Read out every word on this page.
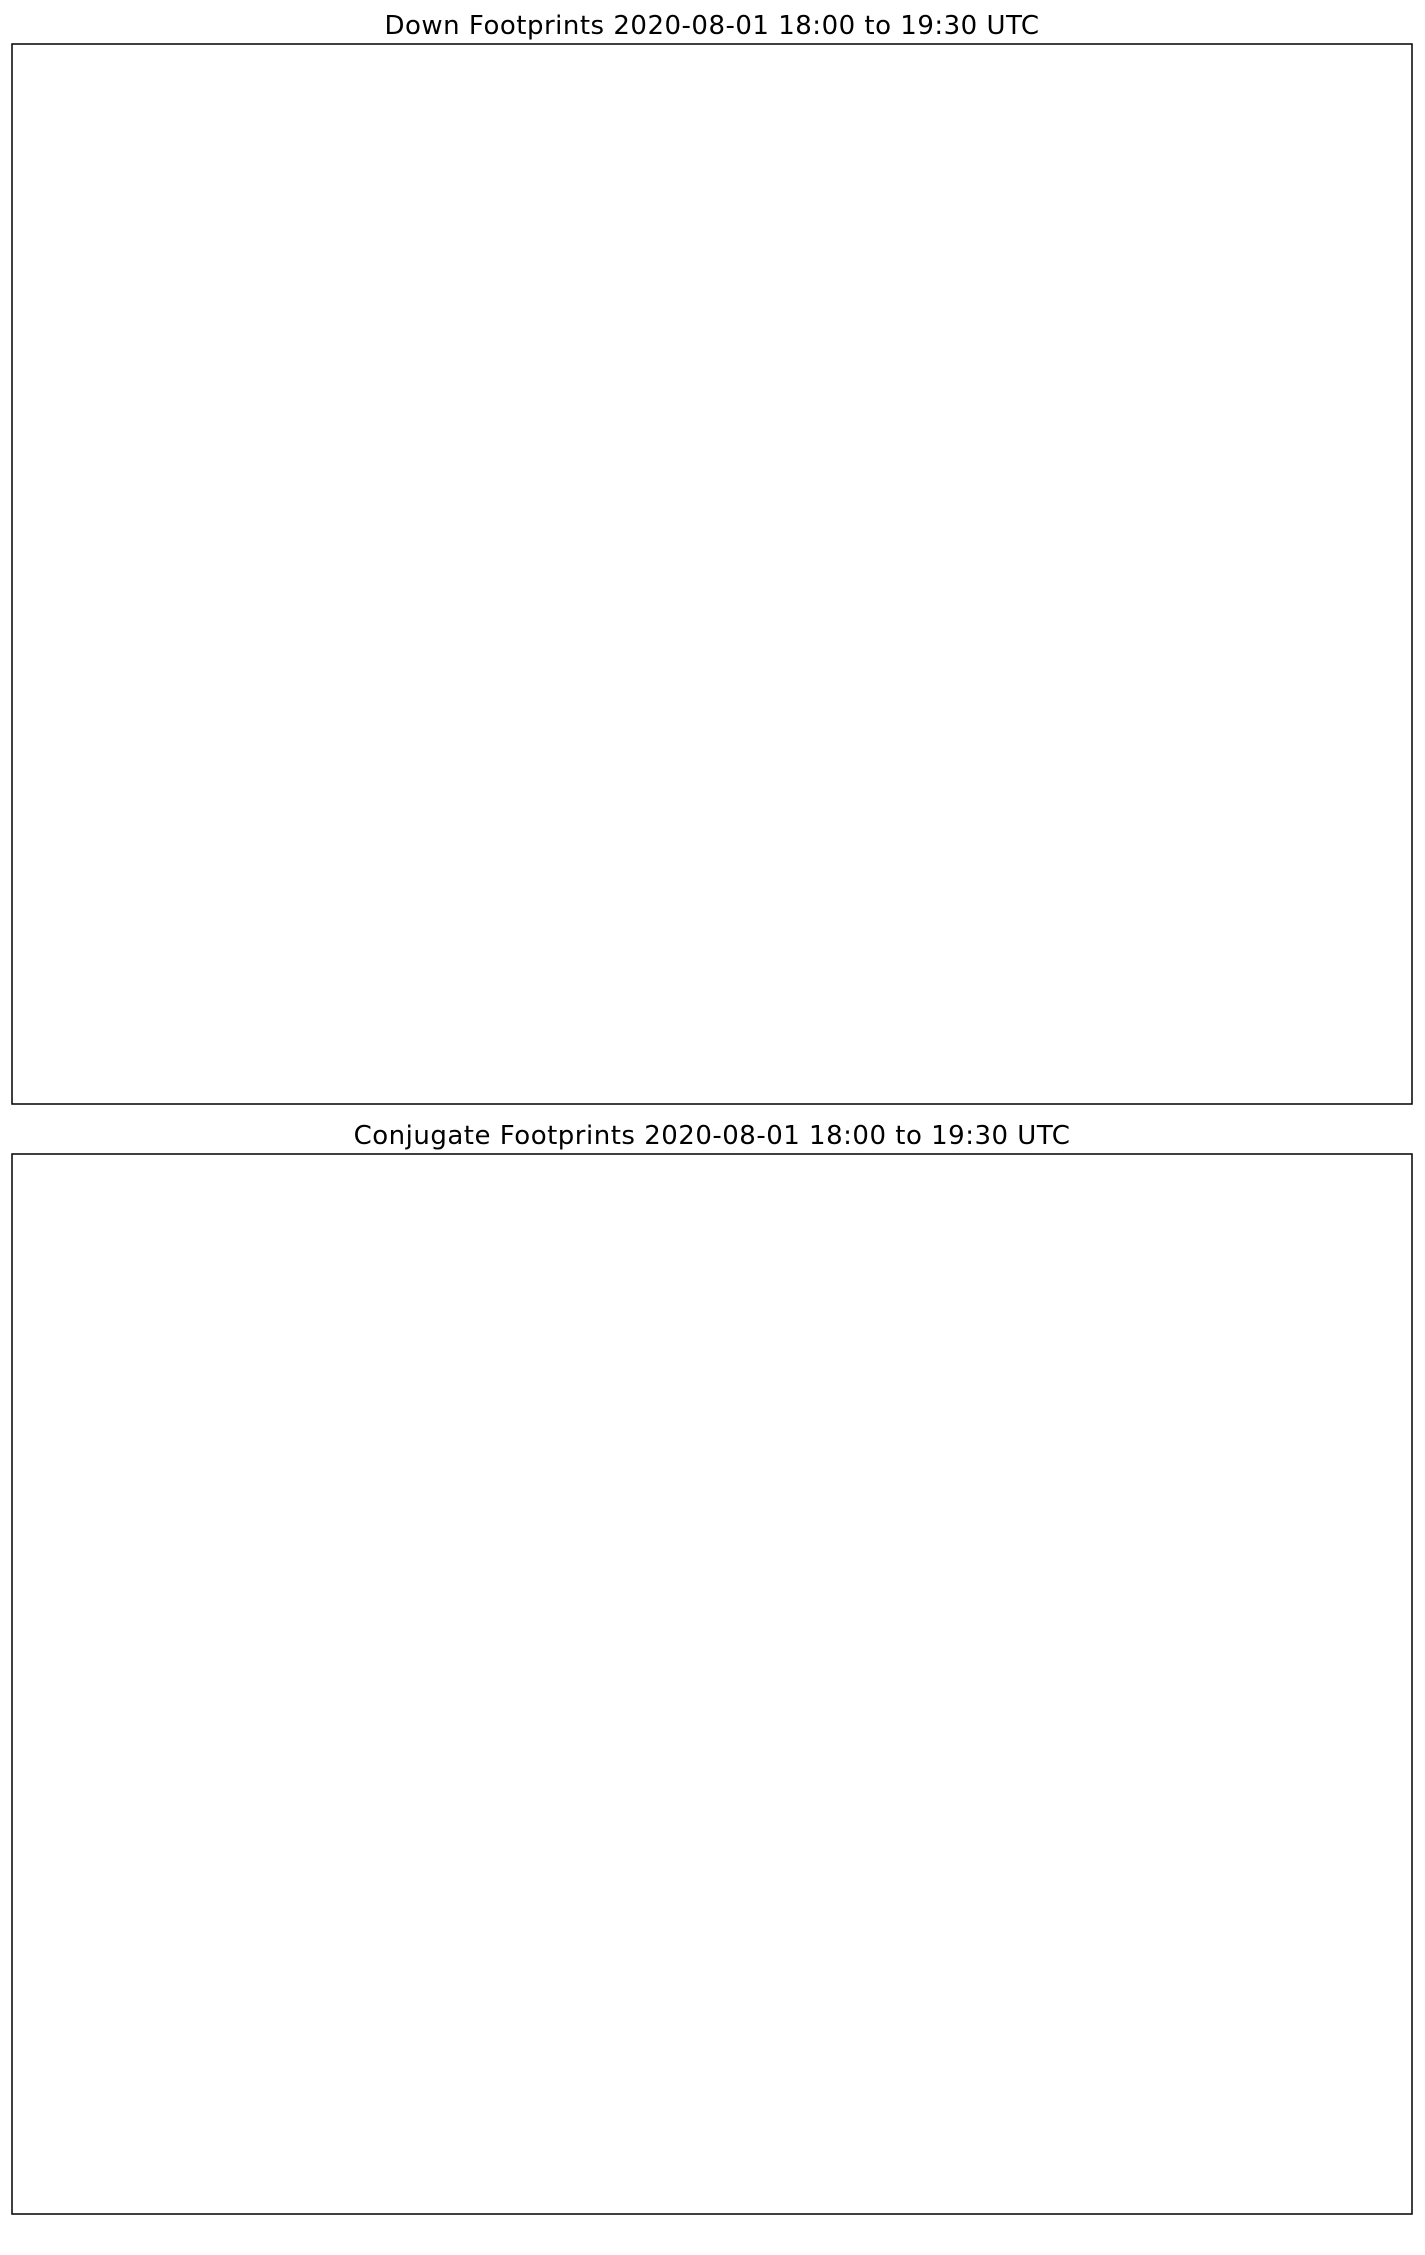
Down Footprints 2020-08-01 18:00 to 19:30 UTC
Conjugate Footprints 2020-08-01 18:00 to 19:30 UTC
